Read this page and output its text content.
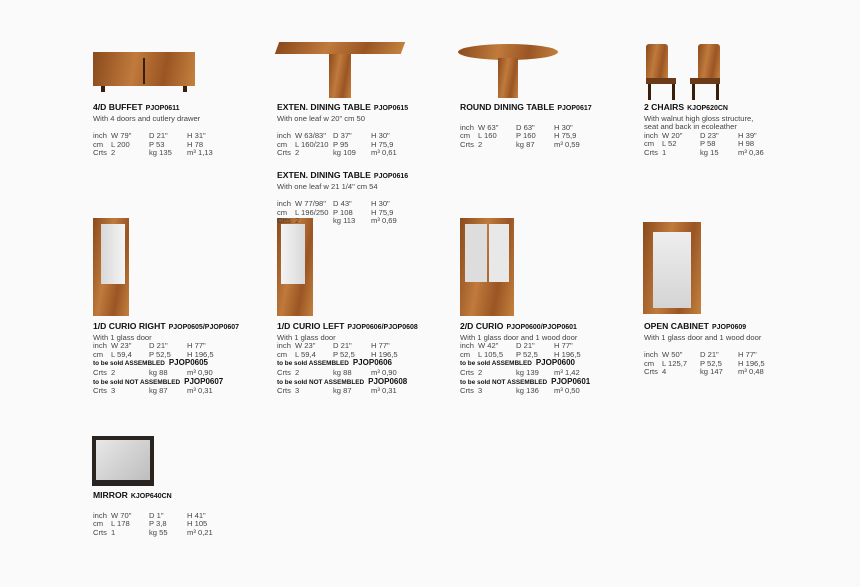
4/D BUFFET PJOP0611
With 4 doors and cutlery drawer
inch W 79"	D 21"	H 31"
cm	L 200	P 53	H 78
Crts 2	kg 135	m³ 1,13
EXTEN. DINING TABLE PJOP0615
With one leaf w 20" cm 50
inch W 63/83" D 37"	H 30"
cm	L 160/210 P 95	H 75,9
Crts 2	kg 109	m³ 0,61
EXTEN. DINING TABLE PJOP0616
With one leaf w 21 1/4" cm 54
inch W 77/98" D 43"	H 30"
cm	L 196/250 P 108	H 75,9
Crts 2	kg 113	m³ 0,69
ROUND DINING TABLE PJOP0617
inch W 63"	D 63"	H 30"
cm	L 160	P 160	H 75,9
Crts 2	kg 87	m³ 0,59
2 CHAIRS KJOP620CN
With walnut high gloss structure,
seat and back in ecoleather
inch W 20"	D 23"	H 39"
cm	L 52	P 58	H 98
Crts 1	kg 15	m³ 0,36
1/D CURIO RIGHT PJOP0605/PJOP0607
With 1 glass door
inch W 23"	D 21"	H 77"
cm	L 59,4	P 52,5	H 196,5
to be sold ASSEMBLED PJOP0605
Crts 2	kg 88	m³ 0,90
to be sold NOT ASSEMBLED PJOP0607
Crts 3	kg 87	m³ 0,31
1/D CURIO LEFT PJOP0606/PJOP0608
With 1 glass door
inch W 23"	D 21"	H 77"
cm	L 59,4	P 52,5	H 196,5
to be sold ASSEMBLED PJOP0606
Crts 2	kg 88	m³ 0,90
to be sold NOT ASSEMBLED PJOP0608
Crts 3	kg 87	m³ 0,31
2/D CURIO PJOP0600/PJOP0601
With 1 glass door and 1 wood door
inch W 42"	D 21"	H 77"
cm	L 105,5	P 52,5	H 196,5
to be sold ASSEMBLED PJOP0600
Crts 2	kg 139	m³ 1,42
to be sold NOT ASSEMBLED PJOP0601
Crts 3	kg 136	m³ 0,50
OPEN CABINET PJOP0609
With 1 glass door and 1 wood door
inch W 50"	D 21"	H 77"
cm	L 125,7	P 52,5	H 196,5
Crts 4	kg 147	m³ 0,48
MIRROR KJOP640CN
inch W 70"	D 1"	H 41"
cm	L 178	P 3,8	H 105
Crts 1	kg 55	m³ 0,21
